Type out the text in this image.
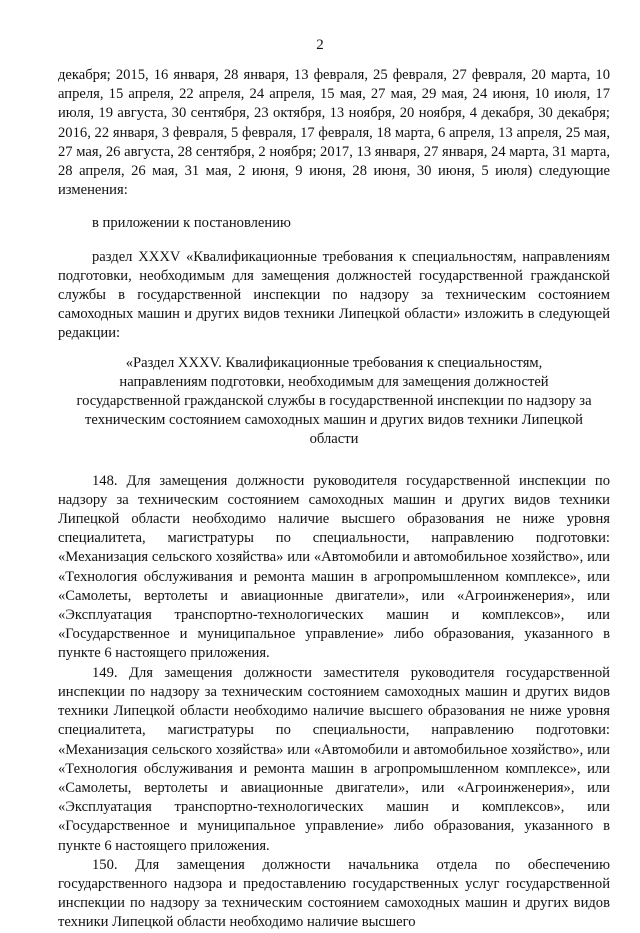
2

декабря; 2015, 16 января, 28 января, 13 февраля, 25 февраля, 27 февраля, 20 марта, 10 апреля, 15 апреля, 22 апреля, 24 апреля, 15 мая, 27 мая, 29 мая, 24 июня, 10 июля, 17 июля, 19 августа, 30 сентября, 23 октября, 13 ноября, 20 ноября, 4 декабря, 30 декабря; 2016, 22 января, 3 февраля, 5 февраля, 17 февраля, 18 марта, 6 апреля, 13 апреля, 25 мая, 27 мая, 26 августа, 28 сентября, 2 ноября; 2017, 13 января, 27 января, 24 марта, 31 марта, 28 апреля, 26 мая, 31 мая, 2 июня, 9 июня, 28 июня, 30 июня, 5 июля) следующие изменения:

в приложении к постановлению

раздел XXXV «Квалификационные требования к специальностям, направлениям подготовки, необходимым для замещения должностей государственной гражданской службы в государственной инспекции по надзору за техническим состоянием самоходных машин и других видов техники Липецкой области» изложить в следующей редакции:

«Раздел XXXV. Квалификационные требования к специальностям,
направлениям подготовки, необходимым для замещения должностей
государственной гражданской службы в государственной инспекции по надзору за
техническим состоянием самоходных машин и других видов техники Липецкой
области

148. Для замещения должности руководителя государственной инспекции по надзору за техническим состоянием самоходных машин и других видов техники Липецкой области необходимо наличие высшего образования не ниже уровня специалитета, магистратуры по специальности, направлению подготовки: «Механизация сельского хозяйства» или «Автомобили и автомобильное хозяйство», или «Технология обслуживания и ремонта машин в агропромышленном комплексе», или «Самолеты, вертолеты и авиационные двигатели», или «Агроинженерия», или «Эксплуатация транспортно-технологических машин и комплексов», или «Государственное и муниципальное управление» либо образования, указанного в пункте 6 настоящего приложения.

149. Для замещения должности заместителя руководителя государственной инспекции по надзору за техническим состоянием самоходных машин и других видов техники Липецкой области необходимо наличие высшего образования не ниже уровня специалитета, магистратуры по специальности, направлению подготовки: «Механизация сельского хозяйства» или «Автомобили и автомобильное хозяйство», или «Технология обслуживания и ремонта машин в агропромышленном комплексе», или «Самолеты, вертолеты и авиационные двигатели», или «Агроинженерия», или «Эксплуатация транспортно-технологических машин и комплексов», или «Государственное и муниципальное управление» либо образования, указанного в пункте 6 настоящего приложения.

150. Для замещения должности начальника отдела по обеспечению государственного надзора и предоставлению государственных услуг государственной инспекции по надзору за техническим состоянием самоходных машин и других видов техники Липецкой области необходимо наличие высшего
